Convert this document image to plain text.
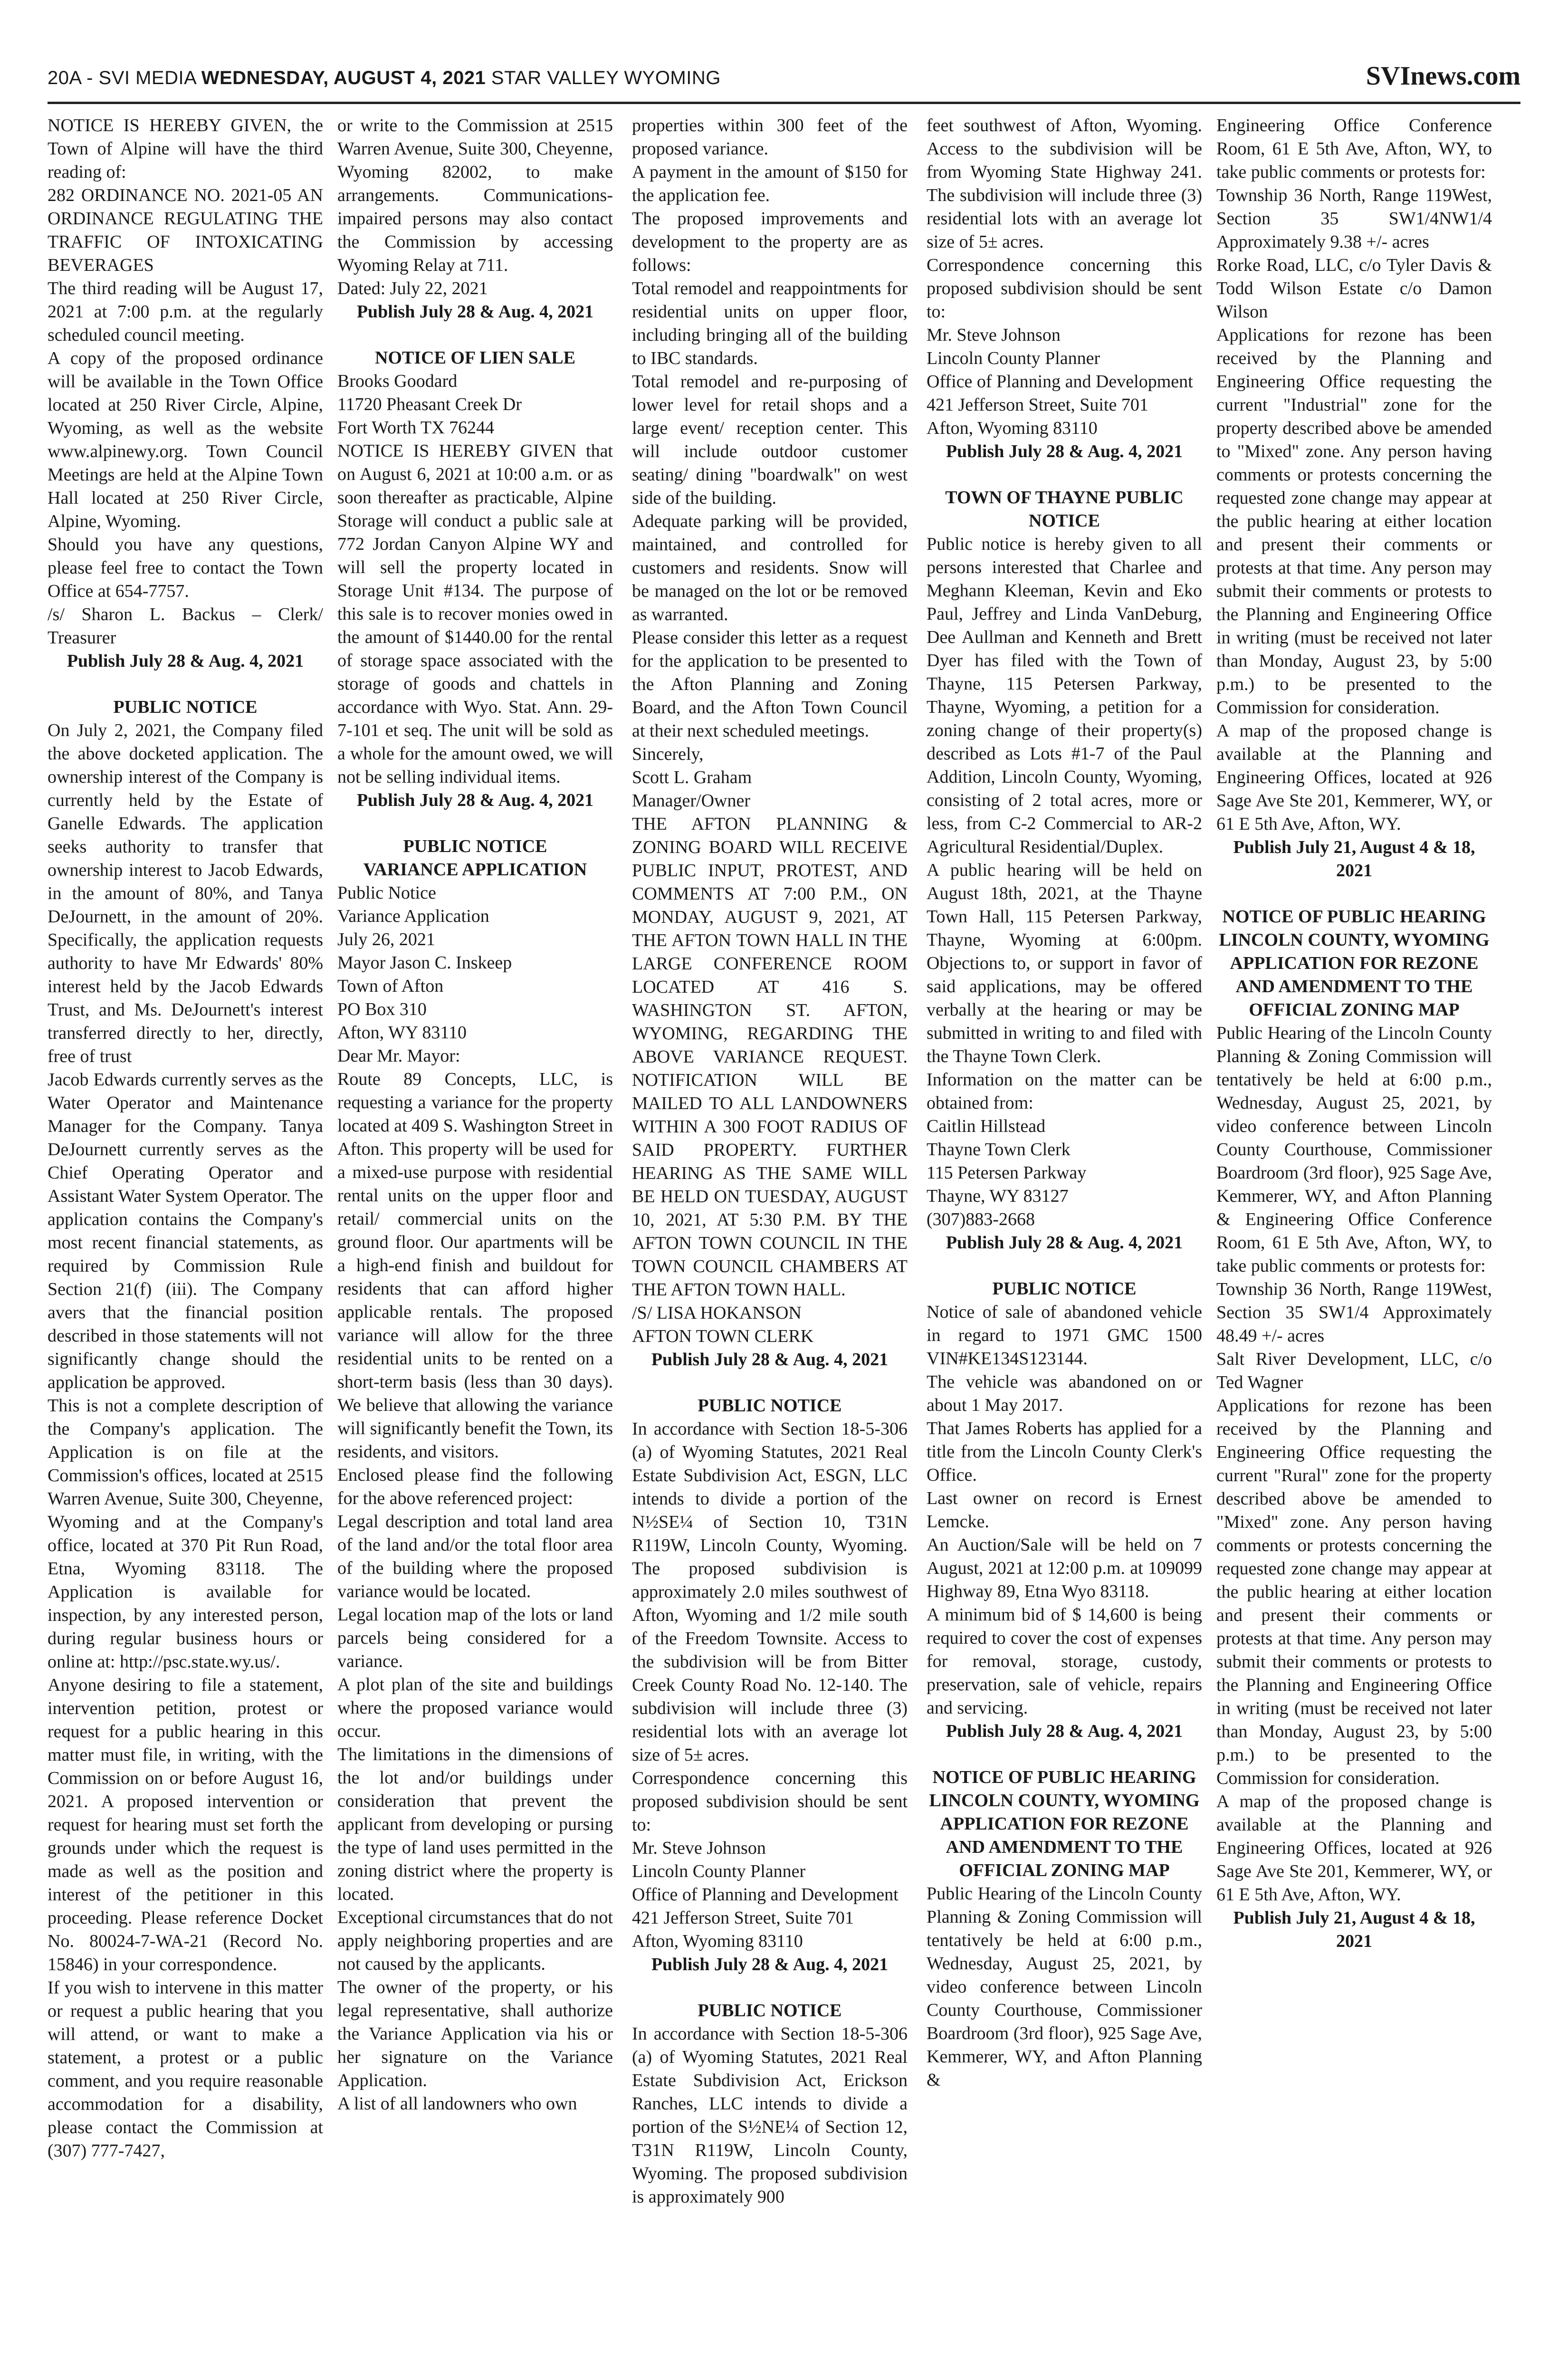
20A - SVI MEDIA WEDNESDAY, AUGUST 4, 2021 STAR VALLEY WYOMING	SVInews.com

NOTICE IS HEREBY GIVEN, the Town of Alpine will have the third reading of:

282 ORDINANCE NO. 2021-05 AN ORDINANCE REGULATING THE TRAFFIC OF INTOXICATING BEVERAGES

The third reading will be August 17, 2021 at 7:00 p.m. at the regularly scheduled council meeting.

A copy of the proposed ordinance will be available in the Town Office located at 250 River Circle, Alpine, Wyoming, as well as the website www.alpinewy.org. Town Council Meetings are held at the Alpine Town Hall located at 250 River Circle, Alpine, Wyoming.

Should you have any questions, please feel free to contact the Town Office at 654-7757.

/s/ Sharon L. Backus – Clerk/ Treasurer

Publish July 28 & Aug. 4, 2021

PUBLIC NOTICE

On July 2, 2021, the Company filed the above docketed application. The ownership interest of the Company is currently held by the Estate of Ganelle Edwards. The application seeks authority to transfer that ownership interest to Jacob Edwards, in the amount of 80%, and Tanya DeJournett, in the amount of 20%. Specifically, the application requests authority to have Mr Edwards' 80% interest held by the Jacob Edwards Trust, and Ms. DeJournett's interest transferred directly to her, directly, free of trust

Jacob Edwards currently serves as the Water Operator and Maintenance Manager for the Company. Tanya DeJournett currently serves as the Chief Operating Operator and Assistant Water System Operator. The application contains the Company's most recent financial statements, as required by Commission Rule Section 21(f) (iii). The Company avers that the financial position described in those statements will not significantly change should the application be approved.

This is not a complete description of the Company's application. The Application is on file at the Commission's offices, located at 2515 Warren Avenue, Suite 300, Cheyenne, Wyoming and at the Company's office, located at 370 Pit Run Road, Etna, Wyoming 83118. The Application is available for inspection, by any interested person, during regular business hours or online at: http://psc.state.wy.us/.

Anyone desiring to file a statement, intervention petition, protest or request for a public hearing in this matter must file, in writing, with the Commission on or before August 16, 2021. A proposed intervention or request for hearing must set forth the grounds under which the request is made as well as the position and interest of the petitioner in this proceeding. Please reference Docket No. 80024-7-WA-21 (Record No. 15846) in your correspondence.

If you wish to intervene in this matter or request a public hearing that you will attend, or want to make a statement, a protest or a public comment, and you require reasonable accommodation for a disability, please contact the Commission at (307) 777-7427,

or write to the Commission at 2515 Warren Avenue, Suite 300, Cheyenne, Wyoming 82002, to make arrangements. Communications-impaired persons may also contact the Commission by accessing Wyoming Relay at 711.

Dated: July 22, 2021

Publish July 28 & Aug. 4, 2021

NOTICE OF LIEN SALE

Brooks Goodard

11720 Pheasant Creek Dr

Fort Worth TX 76244

NOTICE IS HEREBY GIVEN that on August 6, 2021 at 10:00 a.m. or as soon thereafter as practicable, Alpine Storage will conduct a public sale at 772 Jordan Canyon Alpine WY and will sell the property located in Storage Unit #134. The purpose of this sale is to recover monies owed in the amount of $1440.00 for the rental of storage space associated with the storage of goods and chattels in accordance with Wyo. Stat. Ann. 29-7-101 et seq. The unit will be sold as a whole for the amount owed, we will not be selling individual items.

Publish July 28 & Aug. 4, 2021

PUBLIC NOTICE

VARIANCE APPLICATION

Public Notice

Variance Application

July 26, 2021

Mayor Jason C. Inskeep

Town of Afton

PO Box 310

Afton, WY 83110

Dear Mr. Mayor:

Route 89 Concepts, LLC, is requesting a variance for the property located at 409 S. Washington Street in Afton. This property will be used for a mixed-use purpose with residential rental units on the upper floor and retail/ commercial units on the ground floor. Our apartments will be a high-end finish and buildout for residents that can afford higher applicable rentals. The proposed variance will allow for the three residential units to be rented on a short-term basis (less than 30 days). We believe that allowing the variance will significantly benefit the Town, its residents, and visitors.

Enclosed please find the following for the above referenced project:

Legal description and total land area of the land and/or the total floor area of the building where the proposed variance would be located.

Legal location map of the lots or land parcels being considered for a variance.

A plot plan of the site and buildings where the proposed variance would occur.

The limitations in the dimensions of the lot and/or buildings under consideration that prevent the applicant from developing or pursing the type of land uses permitted in the zoning district where the property is located.

Exceptional circumstances that do not apply neighboring properties and are not caused by the applicants.

The owner of the property, or his legal representative, shall authorize the Variance Application via his or her signature on the Variance Application.

A list of all landowners who own

properties within 300 feet of the proposed variance.

A payment in the amount of $150 for the application fee.

The proposed improvements and development to the property are as follows:

Total remodel and reappointments for residential units on upper floor, including bringing all of the building to IBC standards.

Total remodel and re-purposing of lower level for retail shops and a large event/ reception center. This will include outdoor customer seating/ dining "boardwalk" on west side of the building.

Adequate parking will be provided, maintained, and controlled for customers and residents. Snow will be managed on the lot or be removed as warranted.

Please consider this letter as a request for the application to be presented to the Afton Planning and Zoning Board, and the Afton Town Council at their next scheduled meetings.

Sincerely,

Scott L. Graham

Manager/Owner

THE AFTON PLANNING & ZONING BOARD WILL RECEIVE PUBLIC INPUT, PROTEST, AND COMMENTS AT 7:00 P.M., ON MONDAY, AUGUST 9, 2021, AT THE AFTON TOWN HALL IN THE LARGE CONFERENCE ROOM LOCATED AT 416 S. WASHINGTON ST. AFTON, WYOMING, REGARDING THE ABOVE VARIANCE REQUEST. NOTIFICATION WILL BE MAILED TO ALL LANDOWNERS WITHIN A 300 FOOT RADIUS OF SAID PROPERTY. FURTHER HEARING AS THE SAME WILL BE HELD ON TUESDAY, AUGUST 10, 2021, AT 5:30 P.M. BY THE AFTON TOWN COUNCIL IN THE TOWN COUNCIL CHAMBERS AT THE AFTON TOWN HALL.

/S/ LISA HOKANSON

AFTON TOWN CLERK

Publish July 28 & Aug. 4, 2021

PUBLIC NOTICE

In accordance with Section 18-5-306 (a) of Wyoming Statutes, 2021 Real Estate Subdivision Act, ESGN, LLC intends to divide a portion of the N½SE¼ of Section 10, T31N R119W, Lincoln County, Wyoming. The proposed subdivision is approximately 2.0 miles southwest of Afton, Wyoming and 1/2 mile south of the Freedom Townsite. Access to the subdivision will be from Bitter Creek County Road No. 12-140. The subdivision will include three (3) residential lots with an average lot size of 5± acres.

Correspondence concerning this proposed subdivision should be sent to:

Mr. Steve Johnson

Lincoln County Planner

Office of Planning and Development

421 Jefferson Street, Suite 701

Afton, Wyoming 83110

Publish July 28 & Aug. 4, 2021

PUBLIC NOTICE

In accordance with Section 18-5-306 (a) of Wyoming Statutes, 2021 Real Estate Subdivision Act, Erickson Ranches, LLC intends to divide a portion of the S½NE¼ of Section 12, T31N R119W, Lincoln County, Wyoming. The proposed subdivision is approximately 900

feet southwest of Afton, Wyoming. Access to the subdivision will be from Wyoming State Highway 241. The subdivision will include three (3) residential lots with an average lot size of 5± acres.

Correspondence concerning this proposed subdivision should be sent to:

Mr. Steve Johnson

Lincoln County Planner

Office of Planning and Development

421 Jefferson Street, Suite 701

Afton, Wyoming 83110

Publish July 28 & Aug. 4, 2021

TOWN OF THAYNE PUBLIC NOTICE

Public notice is hereby given to all persons interested that Charlee and Meghann Kleeman, Kevin and Eko Paul, Jeffrey and Linda VanDeburg, Dee Aullman and Kenneth and Brett Dyer has filed with the Town of Thayne, 115 Petersen Parkway, Thayne, Wyoming, a petition for a zoning change of their property(s) described as Lots #1-7 of the Paul Addition, Lincoln County, Wyoming, consisting of 2 total acres, more or less, from C-2 Commercial to AR-2 Agricultural Residential/Duplex.

A public hearing will be held on August 18th, 2021, at the Thayne Town Hall, 115 Petersen Parkway, Thayne, Wyoming at 6:00pm. Objections to, or support in favor of said applications, may be offered verbally at the hearing or may be submitted in writing to and filed with the Thayne Town Clerk.

Information on the matter can be obtained from:

Caitlin Hillstead

Thayne Town Clerk

115 Petersen Parkway

Thayne, WY 83127

(307)883-2668

Publish July 28 & Aug. 4, 2021

PUBLIC NOTICE

Notice of sale of abandoned vehicle in regard to 1971 GMC 1500 VIN#KE134S123144.

The vehicle was abandoned on or about 1 May 2017.

That James Roberts has applied for a title from the Lincoln County Clerk's Office.

Last owner on record is Ernest Lemcke.

An Auction/Sale will be held on 7 August, 2021 at 12:00 p.m. at 109099 Highway 89, Etna Wyo 83118.

A minimum bid of $ 14,600 is being required to cover the cost of expenses for removal, storage, custody, preservation, sale of vehicle, repairs and servicing.

Publish July 28 & Aug. 4, 2021

NOTICE OF PUBLIC HEARING LINCOLN COUNTY, WYOMING APPLICATION FOR REZONE AND AMENDMENT TO THE OFFICIAL ZONING MAP

Public Hearing of the Lincoln County Planning & Zoning Commission will tentatively be held at 6:00 p.m., Wednesday, August 25, 2021, by video conference between Lincoln County Courthouse, Commissioner Boardroom (3rd floor), 925 Sage Ave, Kemmerer, WY, and Afton Planning &

Engineering Office Conference Room, 61 E 5th Ave, Afton, WY, to take public comments or protests for:

Township 36 North, Range 119West, Section 35 SW1/4NW1/4 Approximately 9.38 +/- acres

Rorke Road, LLC, c/o Tyler Davis & Todd Wilson Estate c/o Damon Wilson

Applications for rezone has been received by the Planning and Engineering Office requesting the current "Industrial" zone for the property described above be amended to "Mixed" zone. Any person having comments or protests concerning the requested zone change may appear at the public hearing at either location and present their comments or protests at that time. Any person may submit their comments or protests to the Planning and Engineering Office in writing (must be received not later than Monday, August 23, by 5:00 p.m.) to be presented to the Commission for consideration.

A map of the proposed change is available at the Planning and Engineering Offices, located at 926 Sage Ave Ste 201, Kemmerer, WY, or 61 E 5th Ave, Afton, WY.

Publish July 21, August 4 & 18, 2021

NOTICE OF PUBLIC HEARING LINCOLN COUNTY, WYOMING APPLICATION FOR REZONE AND AMENDMENT TO THE OFFICIAL ZONING MAP

Public Hearing of the Lincoln County Planning & Zoning Commission will tentatively be held at 6:00 p.m., Wednesday, August 25, 2021, by video conference between Lincoln County Courthouse, Commissioner Boardroom (3rd floor), 925 Sage Ave, Kemmerer, WY, and Afton Planning & Engineering Office Conference Room, 61 E 5th Ave, Afton, WY, to take public comments or protests for:

Township 36 North, Range 119West, Section 35 SW1/4 Approximately 48.49 +/- acres

Salt River Development, LLC, c/o Ted Wagner

Applications for rezone has been received by the Planning and Engineering Office requesting the current "Rural" zone for the property described above be amended to "Mixed" zone. Any person having comments or protests concerning the requested zone change may appear at the public hearing at either location and present their comments or protests at that time. Any person may submit their comments or protests to the Planning and Engineering Office in writing (must be received not later than Monday, August 23, by 5:00 p.m.) to be presented to the Commission for consideration.

A map of the proposed change is available at the Planning and Engineering Offices, located at 926 Sage Ave Ste 201, Kemmerer, WY, or 61 E 5th Ave, Afton, WY.

Publish July 21, August 4 & 18, 2021
